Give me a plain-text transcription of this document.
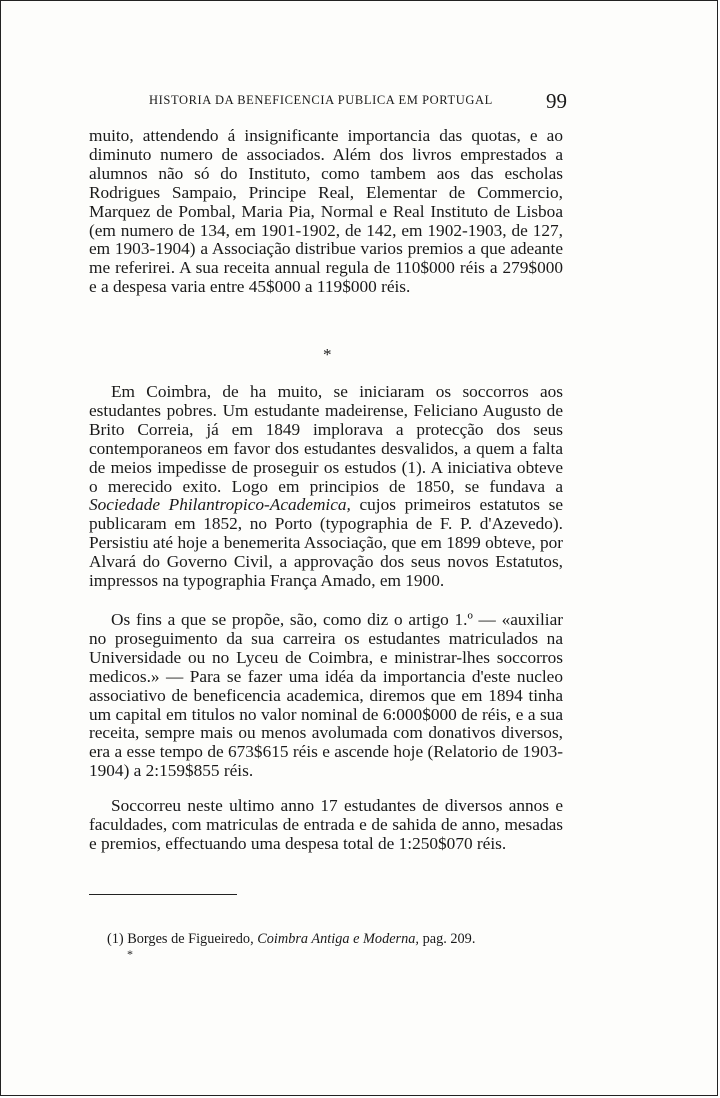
HISTORIA DA BENEFICENCIA PUBLICA EM PORTUGAL	99

muito, attendendo á insignificante importancia das quotas, e ao diminuto numero de associados. Além dos livros emprestados a alumnos não só do Instituto, como tambem aos das escholas Rodrigues Sampaio, Principe Real, Elementar de Commercio, Marquez de Pombal, Maria Pia, Normal e Real Instituto de Lisboa (em numero de 134, em 1901-1902, de 142, em 1902-1903, de 127, em 1903-1904) a Associação distribue varios premios a que adeante me referirei. A sua receita annual regula de 110$000 réis a 279$000 e a despesa varia entre 45$000 a 119$000 réis.

*

Em Coimbra, de ha muito, se iniciaram os soccorros aos estudantes pobres. Um estudante madeirense, Feliciano Augusto de Brito Correia, já em 1849 implorava a protecção dos seus contemporaneos em favor dos estudantes desvalidos, a quem a falta de meios impedisse de proseguir os estudos (1). A iniciativa obteve o merecido exito. Logo em principios de 1850, se fundava a Sociedade Philantropico-Academica, cujos primeiros estatutos se publicaram em 1852, no Porto (typographia de F. P. d'Azevedo). Persistiu até hoje a benemerita Associação, que em 1899 obteve, por Alvará do Governo Civil, a approvação dos seus novos Estatutos, impressos na typographia França Amado, em 1900.

Os fins a que se propõe, são, como diz o artigo 1.º — «auxiliar no proseguimento da sua carreira os estudantes matriculados na Universidade ou no Lyceu de Coimbra, e ministrar-lhes soccorros medicos.» — Para se fazer uma idéa da importancia d'este nucleo associativo de beneficencia academica, diremos que em 1894 tinha um capital em titulos no valor nominal de 6:000$000 de réis, e a sua receita, sempre mais ou menos avolumada com donativos diversos, era a esse tempo de 673$615 réis e ascende hoje (Relatorio de 1903-1904) a 2:159$855 réis.

Soccorreu neste ultimo anno 17 estudantes de diversos annos e faculdades, com matriculas de entrada e de sahida de anno, mesadas e premios, effectuando uma despesa total de 1:250$070 réis.

(1) Borges de Figueiredo, Coimbra Antiga e Moderna, pag. 209.
*
